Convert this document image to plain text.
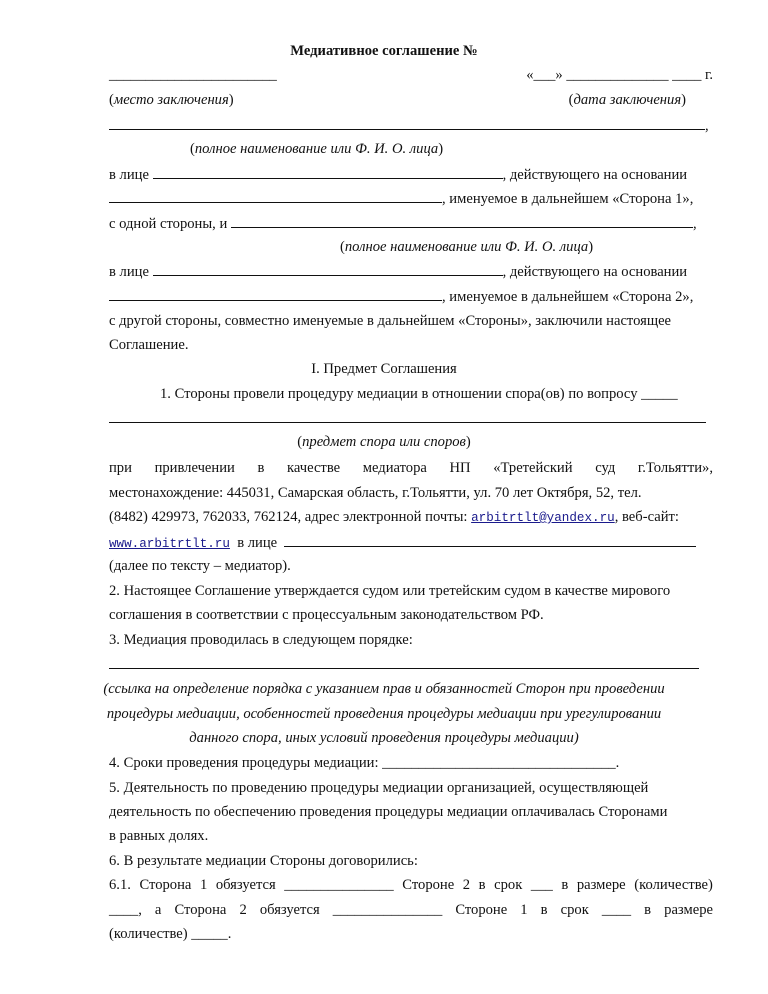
Медиативное соглашение №
_______________________	«___» ______________ ____ г.
(место заключения)	(дата заключения)
,
(полное наименование или Ф. И. О. лица)
в лице	, действующего на основании
, именуемое в дальнейшем «Сторона 1»,
с одной стороны, и	,
(полное наименование или Ф. И. О. лица)
в лице	, действующего на основании
, именуемое в дальнейшем «Сторона 2»,
с другой стороны, совместно именуемые в дальнейшем «Стороны», заключили настоящее
Соглашение.
I. Предмет Соглашения
1. Стороны провели процедуру медиации в отношении спора(ов) по вопросу _____
(предмет спора или споров)
при привлечении в качестве медиатора НП «Третейский суд г.Тольятти»,
местонахождение: 445031, Самарская область, г.Тольятти, ул. 70 лет Октября, 52, тел.
(8482) 429973, 762033, 762124, адрес электронной почты: arbitrtlt@yandex.ru, веб-сайт:
www.arbitrtlt.ru в лице
(далее по тексту – медиатор).
2. Настоящее Соглашение утверждается судом или третейским судом в качестве мирового
соглашения в соответствии с процессуальным законодательством РФ.
3. Медиация проводилась в следующем порядке:
(ссылка на определение порядка с указанием прав и обязанностей Сторон при проведении
процедуры медиации, особенностей проведения процедуры медиации при урегулировании
данного спора, иных условий проведения процедуры медиации)
4. Сроки проведения процедуры медиации: ________________________________.
5. Деятельность по проведению процедуры медиации организацией, осуществляющей
деятельность по обеспечению проведения процедуры медиации оплачивалась Сторонами
в равных долях.
6. В результате медиации Стороны договорились:
6.1. Сторона 1 обязуется _______________ Стороне 2 в срок ___ в размере (количестве)
____, а Сторона 2 обязуется _______________ Стороне 1 в срок ____ в размере
(количестве) _____.
